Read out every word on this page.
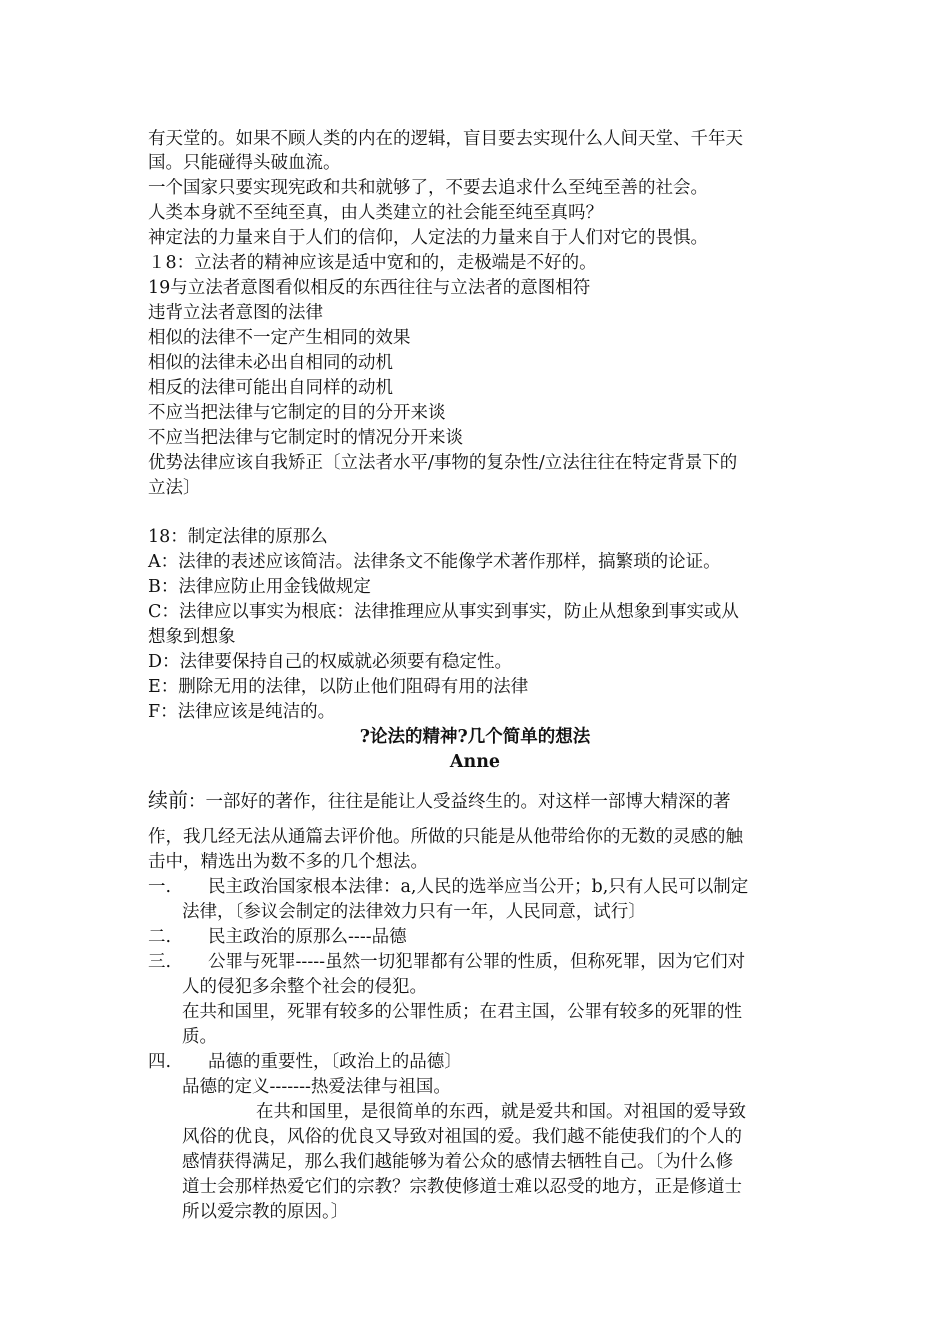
有天堂的。如果不顾人类的内在的逻辑，盲目要去实现什么人间天堂、千年天
国。只能碰得头破血流。
一个国家只要实现宪政和共和就够了，不要去追求什么至纯至善的社会。
人类本身就不至纯至真，由人类建立的社会能至纯至真吗？
神定法的力量来自于人们的信仰，人定法的力量来自于人们对它的畏惧。
１8：立法者的精神应该是适中宽和的，走极端是不好的。
19与立法者意图看似相反的东西往往与立法者的意图相符
违背立法者意图的法律
相似的法律不一定产生相同的效果
相似的法律未必出自相同的动机
相反的法律可能出自同样的动机
不应当把法律与它制定的目的分开来谈
不应当把法律与它制定时的情况分开来谈
优势法律应该自我矫正〔立法者水平/事物的复杂性/立法往往在特定背景下的
立法〕
18：制定法律的原那么
A：法律的表述应该简洁。法律条文不能像学术著作那样，搞繁琐的论证。
B：法律应防止用金钱做规定
C：法律应以事实为根底：法律推理应从事实到事实，防止从想象到事实或从
想象到想象
D：法律要保持自己的权威就必须要有稳定性。
E：删除无用的法律，以防止他们阻碍有用的法律
F：法律应该是纯洁的。
?论法的精神?几个简单的想法
Anne
续前：一部好的著作，往往是能让人受益终生的。对这样一部博大精深的著
作，我几经无法从通篇去评价他。所做的只能是从他带给你的无数的灵感的触
击中，精选出为数不多的几个想法。
一. 民主政治国家根本法律：a,人民的选举应当公开；b,只有人民可以制定
法律，〔参议会制定的法律效力只有一年，人民同意，试行〕
二. 民主政治的原那么----品德
三. 公罪与死罪-----虽然一切犯罪都有公罪的性质，但称死罪，因为它们对
人的侵犯多余整个社会的侵犯。
在共和国里，死罪有较多的公罪性质；在君主国，公罪有较多的死罪的性
质。
四. 品德的重要性，〔政治上的品德〕
品德的定义-------热爱法律与祖国。
在共和国里，是很简单的东西，就是爱共和国。对祖国的爱导致
风俗的优良，风俗的优良又导致对祖国的爱。我们越不能使我们的个人的
感情获得满足，那么我们越能够为着公众的感情去牺牲自己。〔为什么修
道士会那样热爱它们的宗教？宗教使修道士难以忍受的地方，正是修道士
所以爱宗教的原因。〕
